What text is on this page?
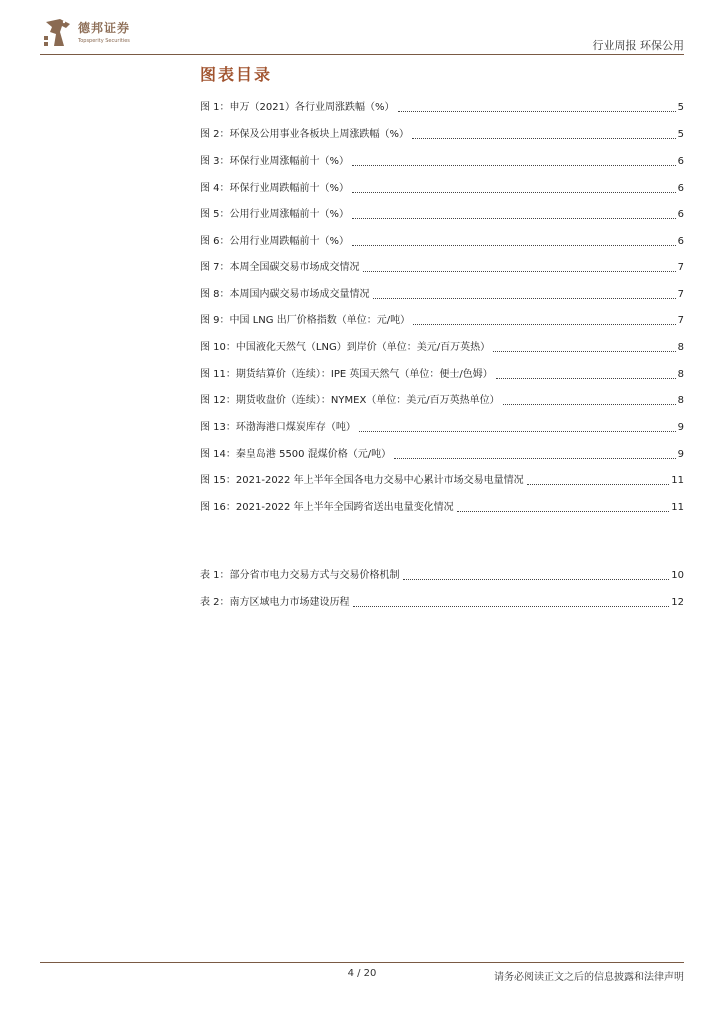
德邦证券
Topsperity Securities	行业周报 环保公用
图表目录
图 1：申万（2021）各行业周涨跌幅（%）	5
图 2：环保及公用事业各板块上周涨跌幅（%）	5
图 3：环保行业周涨幅前十（%）	6
图 4：环保行业周跌幅前十（%）	6
图 5：公用行业周涨幅前十（%）	6
图 6：公用行业周跌幅前十（%）	6
图 7：本周全国碳交易市场成交情况	7
图 8：本周国内碳交易市场成交量情况	7
图 9：中国 LNG 出厂价格指数（单位：元/吨）	7
图 10：中国液化天然气（LNG）到岸价（单位：美元/百万英热）	8
图 11：期货结算价（连续）：IPE 英国天然气（单位：便士/色姆）	8
图 12：期货收盘价（连续）：NYMEX（单位：美元/百万英热单位）	8
图 13：环渤海港口煤炭库存（吨）	9
图 14：秦皇岛港 5500 混煤价格（元/吨）	9
图 15：2021-2022 年上半年全国各电力交易中心累计市场交易电量情况	11
图 16：2021-2022 年上半年全国跨省送出电量变化情况	11
表 1：部分省市电力交易方式与交易价格机制	10
表 2：南方区域电力市场建设历程	12
4 / 20	请务必阅读正文之后的信息披露和法律声明
